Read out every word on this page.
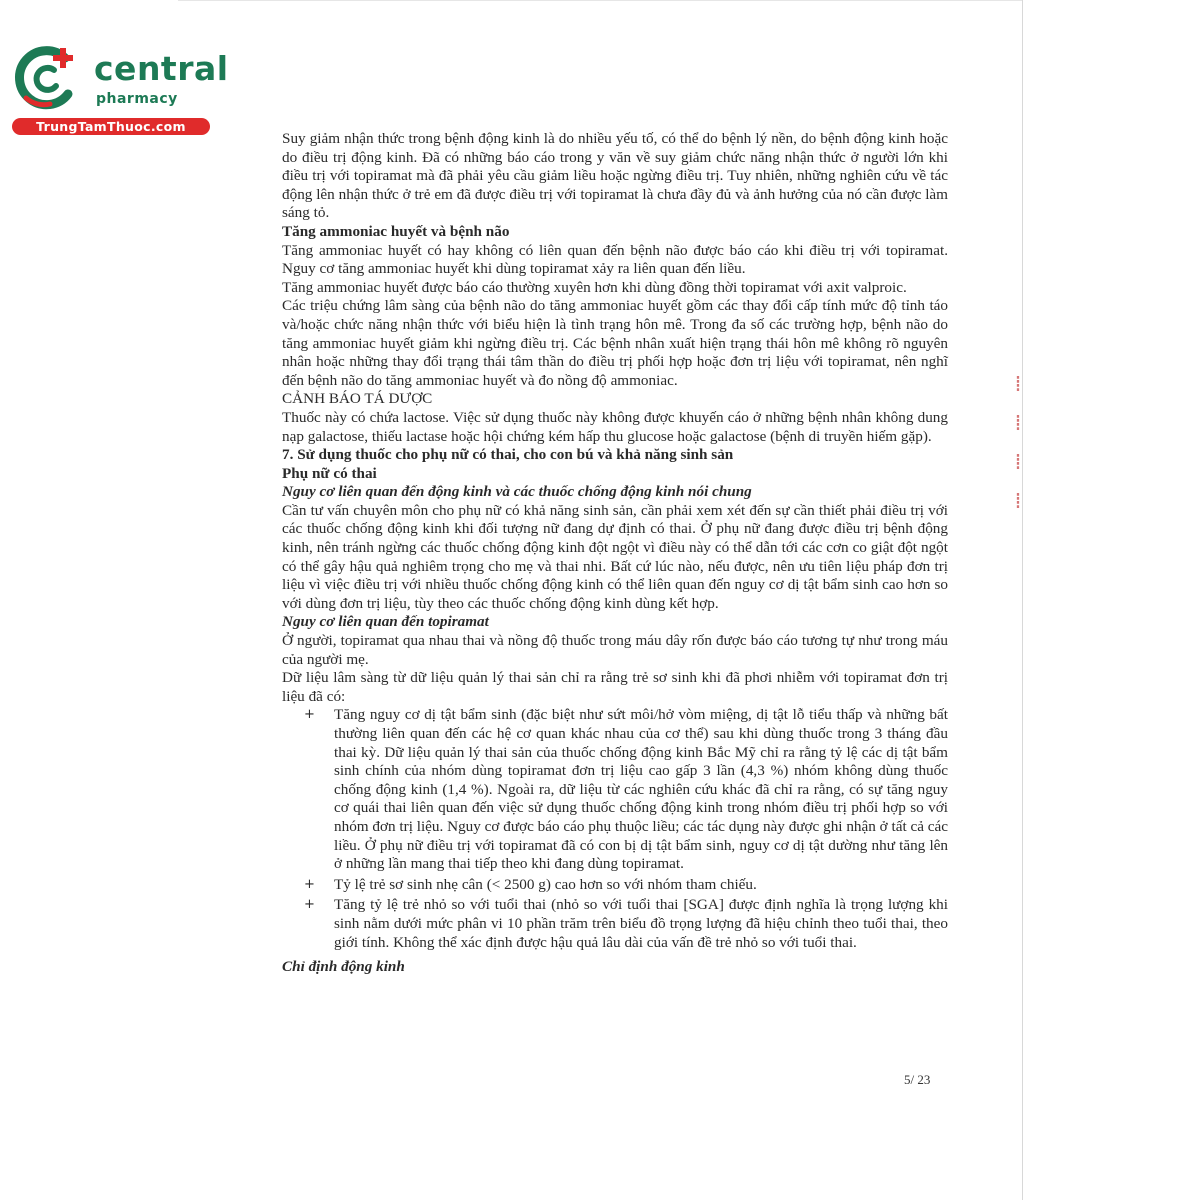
⁞
⁞
⁞
⁞
central
pharmacy
TrungTamThuoc.com

Suy giảm nhận thức trong bệnh động kinh là do nhiều yếu tố, có thể do bệnh lý nền, do bệnh động kinh hoặc do điều trị động kinh. Đã có những báo cáo trong y văn về suy giảm chức năng nhận thức ở người lớn khi điều trị với topiramat mà đã phải yêu cầu giảm liều hoặc ngừng điều trị. Tuy nhiên, những nghiên cứu về tác động lên nhận thức ở trẻ em đã được điều trị với topiramat là chưa đầy đủ và ảnh hưởng của nó cần được làm sáng tỏ.

Tăng ammoniac huyết và bệnh não

Tăng ammoniac huyết có hay không có liên quan đến bệnh não được báo cáo khi điều trị với topiramat. Nguy cơ tăng ammoniac huyết khi dùng topiramat xảy ra liên quan đến liều.

Tăng ammoniac huyết được báo cáo thường xuyên hơn khi dùng đồng thời topiramat với axit valproic.

Các triệu chứng lâm sàng của bệnh não do tăng ammoniac huyết gồm các thay đổi cấp tính mức độ tỉnh táo và/hoặc chức năng nhận thức với biểu hiện là tình trạng hôn mê. Trong đa số các trường hợp, bệnh não do tăng ammoniac huyết giảm khi ngừng điều trị. Các bệnh nhân xuất hiện trạng thái hôn mê không rõ nguyên nhân hoặc những thay đổi trạng thái tâm thần do điều trị phối hợp hoặc đơn trị liệu với topiramat, nên nghĩ đến bệnh não do tăng ammoniac huyết và đo nồng độ ammoniac.

CẢNH BÁO TÁ DƯỢC

Thuốc này có chứa lactose. Việc sử dụng thuốc này không được khuyến cáo ở những bệnh nhân không dung nạp galactose, thiếu lactase hoặc hội chứng kém hấp thu glucose hoặc galactose (bệnh di truyền hiếm gặp).

7. Sử dụng thuốc cho phụ nữ có thai, cho con bú và khả năng sinh sản

Phụ nữ có thai

Nguy cơ liên quan đến động kinh và các thuốc chống động kinh nói chung

Cần tư vấn chuyên môn cho phụ nữ có khả năng sinh sản, cần phải xem xét đến sự cần thiết phải điều trị với các thuốc chống động kinh khi đối tượng nữ đang dự định có thai. Ở phụ nữ đang được điều trị bệnh động kinh, nên tránh ngừng các thuốc chống động kinh đột ngột vì điều này có thể dẫn tới các cơn co giật đột ngột có thể gây hậu quả nghiêm trọng cho mẹ và thai nhi. Bất cứ lúc nào, nếu được, nên ưu tiên liệu pháp đơn trị liệu vì việc điều trị với nhiều thuốc chống động kinh có thể liên quan đến nguy cơ dị tật bẩm sinh cao hơn so với dùng đơn trị liệu, tùy theo các thuốc chống động kinh dùng kết hợp.

Nguy cơ liên quan đến topiramat

Ở người, topiramat qua nhau thai và nồng độ thuốc trong máu dây rốn được báo cáo tương tự như trong máu của người mẹ.

Dữ liệu lâm sàng từ dữ liệu quản lý thai sản chỉ ra rằng trẻ sơ sinh khi đã phơi nhiễm với topiramat đơn trị liệu đã có:

+ Tăng nguy cơ dị tật bẩm sinh (đặc biệt như sứt môi/hở vòm miệng, dị tật lỗ tiểu thấp và những bất thường liên quan đến các hệ cơ quan khác nhau của cơ thể) sau khi dùng thuốc trong 3 tháng đầu thai kỳ. Dữ liệu quản lý thai sản của thuốc chống động kinh Bắc Mỹ chỉ ra rằng tỷ lệ các dị tật bẩm sinh chính của nhóm dùng topiramat đơn trị liệu cao gấp 3 lần (4,3 %) nhóm không dùng thuốc chống động kinh (1,4 %). Ngoài ra, dữ liệu từ các nghiên cứu khác đã chỉ ra rằng, có sự tăng nguy cơ quái thai liên quan đến việc sử dụng thuốc chống động kinh trong nhóm điều trị phối hợp so với nhóm đơn trị liệu. Nguy cơ được báo cáo phụ thuộc liều; các tác dụng này được ghi nhận ở tất cả các liều. Ở phụ nữ điều trị với topiramat đã có con bị dị tật bẩm sinh, nguy cơ dị tật dường như tăng lên ở những lần mang thai tiếp theo khi đang dùng topiramat.
+ Tỷ lệ trẻ sơ sinh nhẹ cân (< 2500 g) cao hơn so với nhóm tham chiếu.
+ Tăng tỷ lệ trẻ nhỏ so với tuổi thai (nhỏ so với tuổi thai [SGA] được định nghĩa là trọng lượng khi sinh nằm dưới mức phân vi 10 phần trăm trên biểu đồ trọng lượng đã hiệu chỉnh theo tuổi thai, theo giới tính. Không thể xác định được hậu quả lâu dài của vấn đề trẻ nhỏ so với tuổi thai.

Chỉ định động kinh

5/ 23
